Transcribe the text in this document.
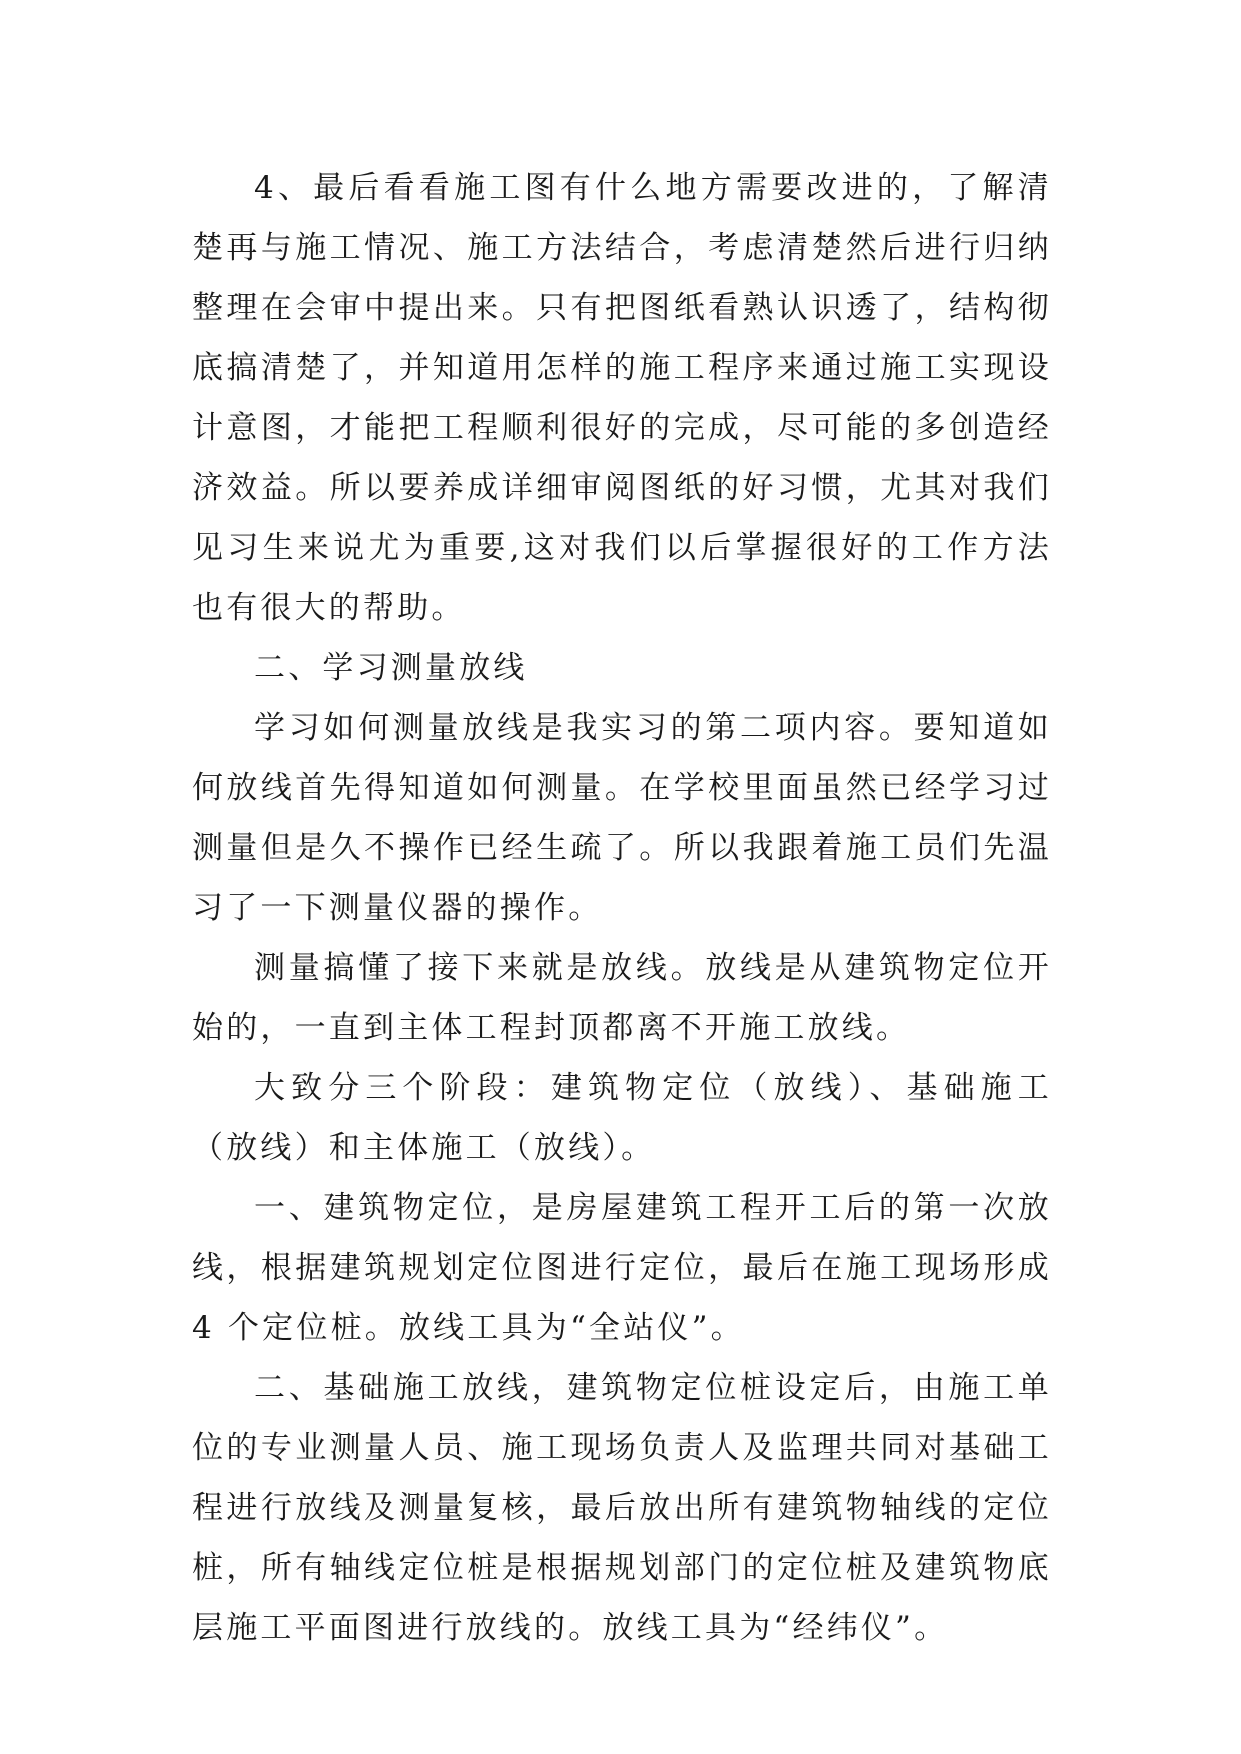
4、最后看看施工图有什么地方需要改进的，了解清楚再与施工情况、施工方法结合，考虑清楚然后进行归纳整理在会审中提出来。只有把图纸看熟认识透了，结构彻底搞清楚了，并知道用怎样的施工程序来通过施工实现设计意图，才能把工程顺利很好的完成，尽可能的多创造经济效益。所以要养成详细审阅图纸的好习惯，尤其对我们见习生来说尤为重要,这对我们以后掌握很好的工作方法也有很大的帮助。

二、学习测量放线

学习如何测量放线是我实习的第二项内容。要知道如何放线首先得知道如何测量。在学校里面虽然已经学习过测量但是久不操作已经生疏了。所以我跟着施工员们先温习了一下测量仪器的操作。

测量搞懂了接下来就是放线。放线是从建筑物定位开始的，一直到主体工程封顶都离不开施工放线。

大致分三个阶段：建筑物定位（放线）、基础施工（放线）和主体施工（放线）。

一、建筑物定位，是房屋建筑工程开工后的第一次放线，根据建筑规划定位图进行定位，最后在施工现场形成 4 个定位桩。放线工具为“全站仪”。

二、基础施工放线，建筑物定位桩设定后，由施工单位的专业测量人员、施工现场负责人及监理共同对基础工程进行放线及测量复核，最后放出所有建筑物轴线的定位桩，所有轴线定位桩是根据规划部门的定位桩及建筑物底层施工平面图进行放线的。放线工具为“经纬仪”。
